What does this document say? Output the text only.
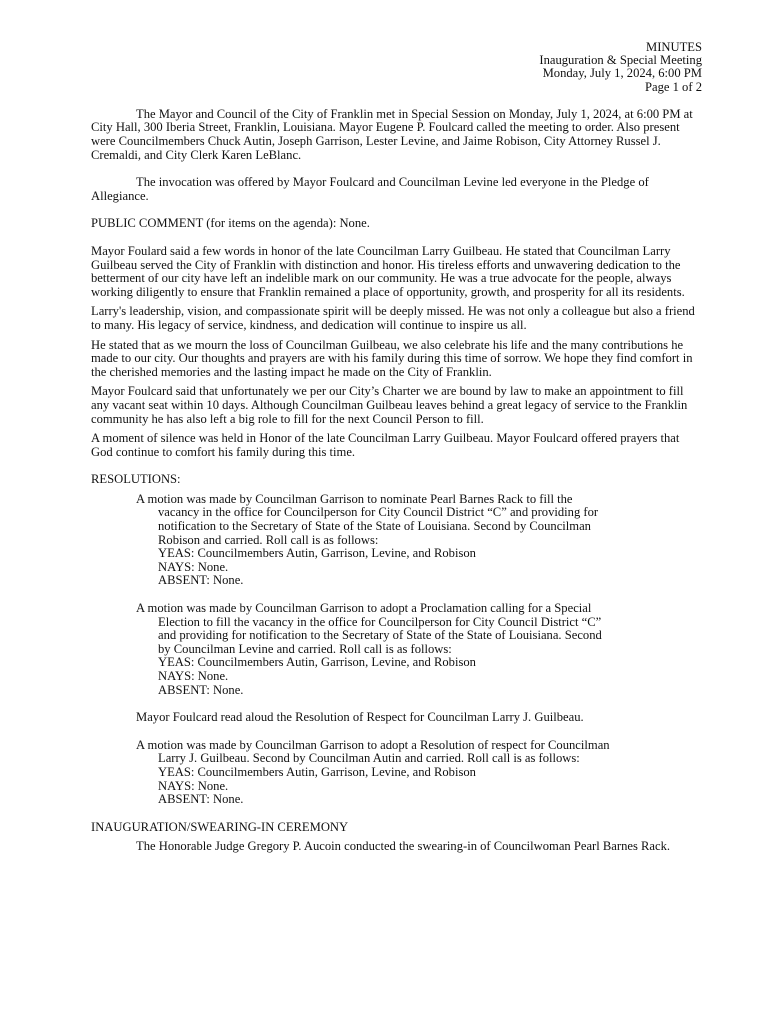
MINUTES
Inauguration & Special Meeting
Monday, July 1, 2024, 6:00 PM
Page 1 of 2

The Mayor and Council of the City of Franklin met in Special Session on Monday, July 1, 2024, at 6:00 PM at City Hall, 300 Iberia Street, Franklin, Louisiana. Mayor Eugene P. Foulcard called the meeting to order. Also present were Councilmembers Chuck Autin, Joseph Garrison, Lester Levine, and Jaime Robison, City Attorney Russel J. Cremaldi, and City Clerk Karen LeBlanc.

The invocation was offered by Mayor Foulcard and Councilman Levine led everyone in the Pledge of Allegiance.

PUBLIC COMMENT (for items on the agenda): None.

Mayor Foulard said a few words in honor of the late Councilman Larry Guilbeau. He stated that Councilman Larry Guilbeau served the City of Franklin with distinction and honor. His tireless efforts and unwavering dedication to the betterment of our city have left an indelible mark on our community. He was a true advocate for the people, always working diligently to ensure that Franklin remained a place of opportunity, growth, and prosperity for all its residents.

Larry's leadership, vision, and compassionate spirit will be deeply missed. He was not only a colleague but also a friend to many. His legacy of service, kindness, and dedication will continue to inspire us all.

He stated that as we mourn the loss of Councilman Guilbeau, we also celebrate his life and the many contributions he made to our city. Our thoughts and prayers are with his family during this time of sorrow. We hope they find comfort in the cherished memories and the lasting impact he made on the City of Franklin.

Mayor Foulcard said that unfortunately we per our City’s Charter we are bound by law to make an appointment to fill any vacant seat within 10 days. Although Councilman Guilbeau leaves behind a great legacy of service to the Franklin community he has also left a big role to fill for the next Council Person to fill.

A moment of silence was held in Honor of the late Councilman Larry Guilbeau. Mayor Foulcard offered prayers that God continue to comfort his family during this time.

RESOLUTIONS:

A motion was made by Councilman Garrison to nominate Pearl Barnes Rack to fill the
vacancy in the office for Councilperson for City Council District “C” and providing for
notification to the Secretary of State of the State of Louisiana. Second by Councilman
Robison and carried. Roll call is as follows:
YEAS: Councilmembers Autin, Garrison, Levine, and Robison
NAYS: None.
ABSENT: None.
A motion was made by Councilman Garrison to adopt a Proclamation calling for a Special
Election to fill the vacancy in the office for Councilperson for City Council District “C”
and providing for notification to the Secretary of State of the State of Louisiana. Second
by Councilman Levine and carried. Roll call is as follows:
YEAS: Councilmembers Autin, Garrison, Levine, and Robison
NAYS: None.
ABSENT: None.
Mayor Foulcard read aloud the Resolution of Respect for Councilman Larry J. Guilbeau.
A motion was made by Councilman Garrison to adopt a Resolution of respect for Councilman
Larry J. Guilbeau. Second by Councilman Autin and carried. Roll call is as follows:
YEAS: Councilmembers Autin, Garrison, Levine, and Robison
NAYS: None.
ABSENT: None.

INAUGURATION/SWEARING-IN CEREMONY

The Honorable Judge Gregory P. Aucoin conducted the swearing-in of Councilwoman Pearl Barnes Rack.
